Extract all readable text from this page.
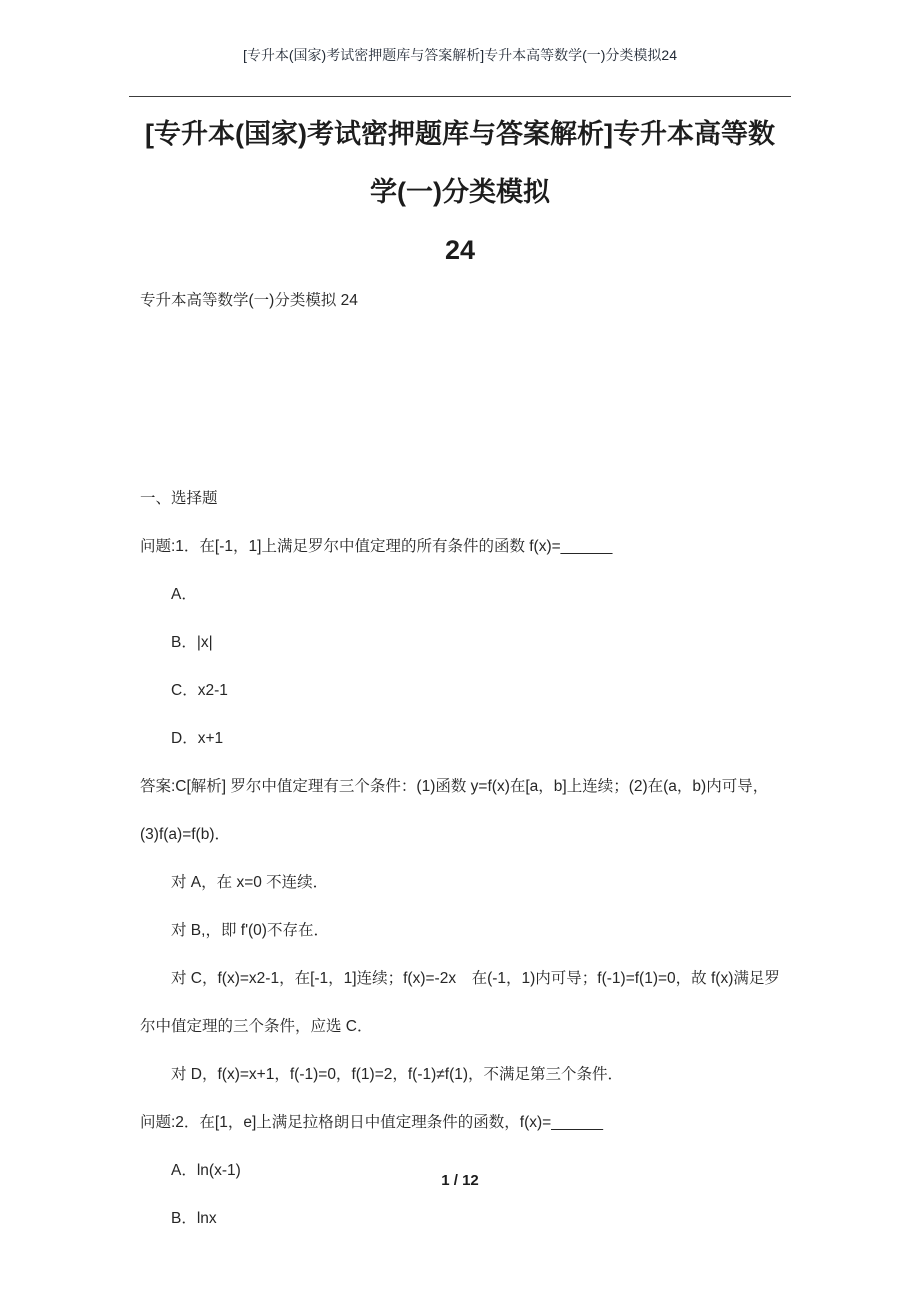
[专升本(国家)考试密押题库与答案解析]专升本高等数学(一)分类模拟24
[专升本(国家)考试密押题库与答案解析]专升本高等数学(一)分类模拟
24
专升本高等数学(一)分类模拟 24

一、选择题

问题:1．在[-1，1]上满足罗尔中值定理的所有条件的函数 f(x)=______

A．

B．|x|

C．x2-1

D．x+1

答案:C[解析] 罗尔中值定理有三个条件：(1)函数 y=f(x)在[a，b]上连续；(2)在(a，b)内可导，(3)f(a)=f(b)．

对 A，在 x=0 不连续．

对 B,，即 f'(0)不存在．

对 C，f(x)=x2-1，在[-1，1]连续；f(x)=-2x　在(-1，1)内可导；f(-1)=f(1)=0，故 f(x)满足罗尔中值定理的三个条件，应选 C．

对 D，f(x)=x+1，f(-1)=0，f(1)=2，f(-1)≠f(1)，不满足第三个条件．

问题:2．在[1，e]上满足拉格朗日中值定理条件的函数，f(x)=______

A．ln(x-1)

B．lnx

1 / 12
